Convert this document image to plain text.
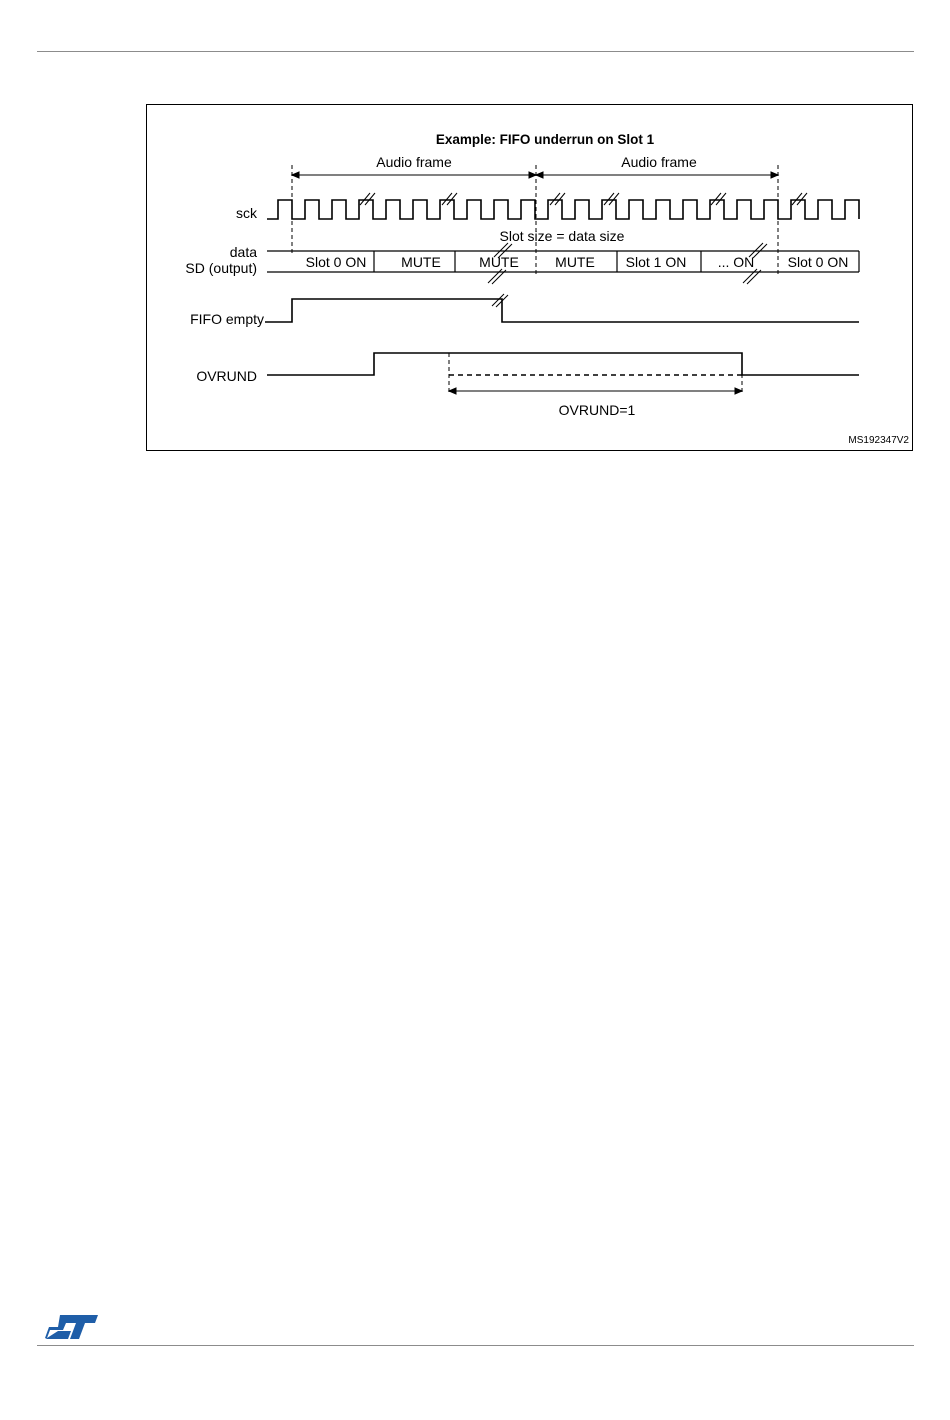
Example: FIFO underrun on Slot 1
Audio frame	Audio frame
sck
data
SD (output)
FIFO empty
OVRUND
Slot size = data size
Slot 0 ON MUTE	MUTE	MUTE Slot 1 ON ... ON Slot 0 ON
OVRUND=1
MS192347V2
